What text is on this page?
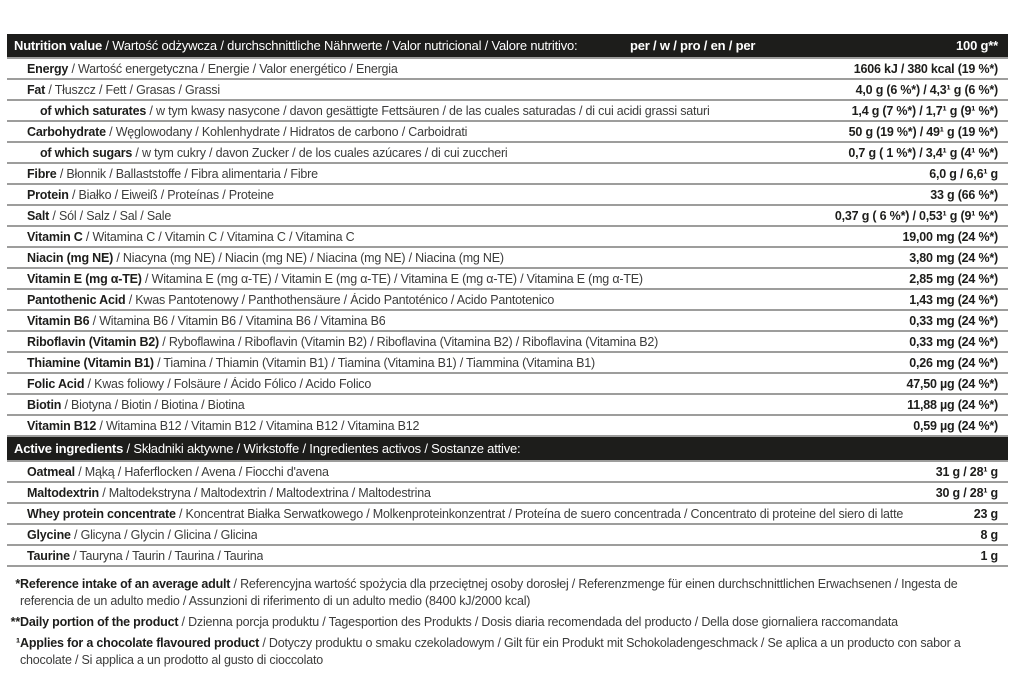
Nutrition value / Wartość odżywcza / durchschnittliche Nährwerte / Valor nutricional / Valore nutritivo:	per / w / pro / en / per	100 g**
Energy / Wartość energetyczna / Energie / Valor energético / Energia	1606 kJ / 380 kcal (19 %*)
Fat / Tłuszcz / Fett / Grasas / Grassi	4,0 g (6 %*) / 4,3¹ g (6 %*)
of which saturates / w tym kwasy nasycone / davon gesättigte Fettsäuren / de las cuales saturadas / di cui acidi grassi saturi	1,4 g (7 %*) / 1,7¹ g (9¹ %*)
Carbohydrate / Węglowodany / Kohlenhydrate / Hidratos de carbono / Carboidrati	50 g (19 %*) / 49¹ g (19 %*)
of which sugars / w tym cukry / davon Zucker / de los cuales azúcares / di cui zuccheri	0,7 g ( 1 %*) / 3,4¹ g (4¹ %*)
Fibre / Błonnik / Ballaststoffe / Fibra alimentaria / Fibre	6,0 g / 6,6¹ g
Protein / Białko / Eiweiß / Proteínas / Proteine	33 g (66 %*)
Salt / Sól / Salz / Sal / Sale	0,37 g ( 6 %*) / 0,53¹ g (9¹ %*)
Vitamin C / Witamina C / Vitamin C / Vitamina C / Vitamina C	19,00 mg (24 %*)
Niacin (mg NE) / Niacyna (mg NE) / Niacin (mg NE) / Niacina (mg NE) / Niacina (mg NE)	3,80 mg (24 %*)
Vitamin E (mg α-TE) / Witamina E (mg α-TE) / Vitamin E (mg α-TE) / Vitamina E (mg α-TE) / Vitamina E (mg α-TE)	2,85 mg (24 %*)
Pantothenic Acid / Kwas Pantotenowy / Panthothensäure / Ácido Pantoténico / Acido Pantotenico	1,43 mg (24 %*)
Vitamin B6 / Witamina B6 / Vitamin B6 / Vitamina B6 / Vitamina B6	0,33 mg (24 %*)
Riboflavin (Vitamin B2) / Ryboflawina / Riboflavin (Vitamin B2) / Riboflavina (Vitamina B2) / Riboflavina (Vitamina B2)	0,33 mg (24 %*)
Thiamine (Vitamin B1) / Tiamina / Thiamin (Vitamin B1) / Tiamina (Vitamina B1) / Tiammina (Vitamina B1)	0,26 mg (24 %*)
Folic Acid / Kwas foliowy / Folsäure / Ácido Fólico / Acido Folico	47,50 µg (24 %*)
Biotin / Biotyna / Biotin / Biotina / Biotina	11,88 µg (24 %*)
Vitamin B12 / Witamina B12 / Vitamin B12 / Vitamina B12 / Vitamina B12	0,59 µg (24 %*)
Active ingredients / Składniki aktywne / Wirkstoffe / Ingredientes activos / Sostanze attive:
Oatmeal / Mąką / Haferflocken / Avena / Fiocchi d'avena	31 g / 28¹ g
Maltodextrin / Maltodekstryna / Maltodextrin / Maltodextrina / Maltodestrina	30 g / 28¹ g
Whey protein concentrate / Koncentrat Białka Serwatkowego / Molkenproteinkonzentrat / Proteína de suero concentrada / Concentrato di proteine del siero di latte	23 g
Glycine / Glicyna / Glycin / Glicina / Glicina	8 g
Taurine / Tauryna / Taurin / Taurina / Taurina	1 g
* Reference intake of an average adult / Referencyjna wartość spożycia dla przeciętnej osoby dorosłej / Referenzmenge für einen durchschnittlichen Erwachsenen / Ingesta de referencia de un adulto medio / Assunzioni di riferimento di un adulto medio (8400 kJ/2000 kcal)
** Daily portion of the product / Dzienna porcja produktu / Tagesportion des Produkts / Dosis diaria recomendada del producto / Della dose giornaliera raccomandata
¹ Applies for a chocolate flavoured product / Dotyczy produktu o smaku czekoladowym / Gilt für ein Produkt mit Schokoladengeschmack / Se aplica a un producto con sabor a chocolate / Si applica a un prodotto al gusto di cioccolato
